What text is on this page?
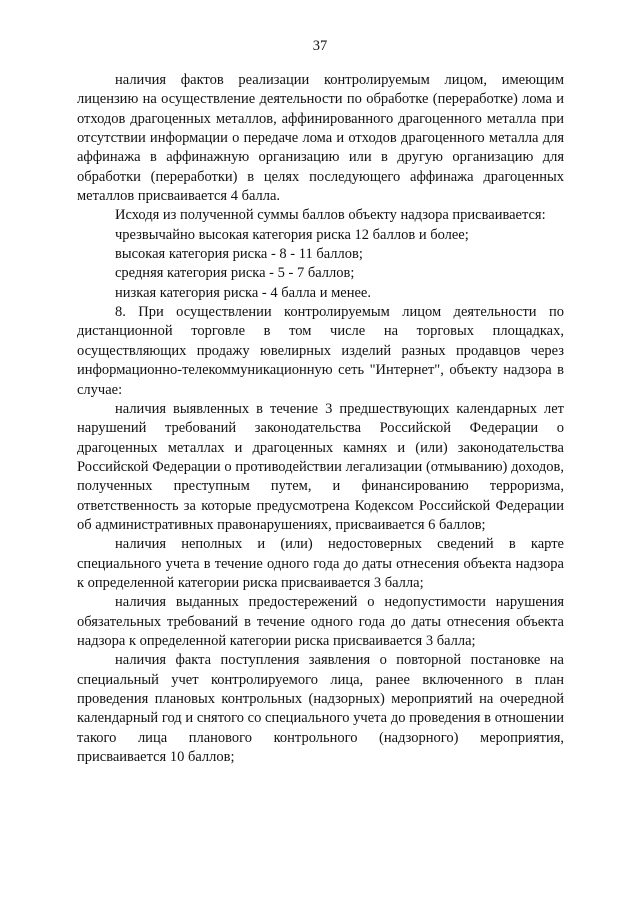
37

наличия фактов реализации контролируемым лицом, имеющим лицензию на осуществление деятельности по обработке (переработке) лома и отходов драгоценных металлов, аффинированного драгоценного металла при отсутствии информации о передаче лома и отходов драгоценного металла для аффинажа в аффинажную организацию или в другую организацию для обработки (переработки) в целях последующего аффинажа драгоценных металлов присваивается 4 балла.

Исходя из полученной суммы баллов объекту надзора присваивается:

чрезвычайно высокая категория риска 12 баллов и более;

высокая категория риска - 8 - 11 баллов;

средняя категория риска - 5 - 7 баллов;

низкая категория риска - 4 балла и менее.

8. При осуществлении контролируемым лицом деятельности по дистанционной торговле в том числе на торговых площадках, осуществляющих продажу ювелирных изделий разных продавцов через информационно-телекоммуникационную сеть "Интернет", объекту надзора в случае:

наличия выявленных в течение 3 предшествующих календарных лет нарушений требований законодательства Российской Федерации о драгоценных металлах и драгоценных камнях и (или) законодательства Российской Федерации о противодействии легализации (отмыванию) доходов, полученных преступным путем, и финансированию терроризма, ответственность за которые предусмотрена Кодексом Российской Федерации об административных правонарушениях, присваивается 6 баллов;

наличия неполных и (или) недостоверных сведений в карте специального учета в течение одного года до даты отнесения объекта надзора к определенной категории риска присваивается 3 балла;

наличия выданных предостережений о недопустимости нарушения обязательных требований в течение одного года до даты отнесения объекта надзора к определенной категории риска присваивается 3 балла;

наличия факта поступления заявления о повторной постановке на специальный учет контролируемого лица, ранее включенного в план проведения плановых контрольных (надзорных) мероприятий на очередной календарный год и снятого со специального учета до проведения в отношении такого лица планового контрольного (надзорного) мероприятия, присваивается 10 баллов;
